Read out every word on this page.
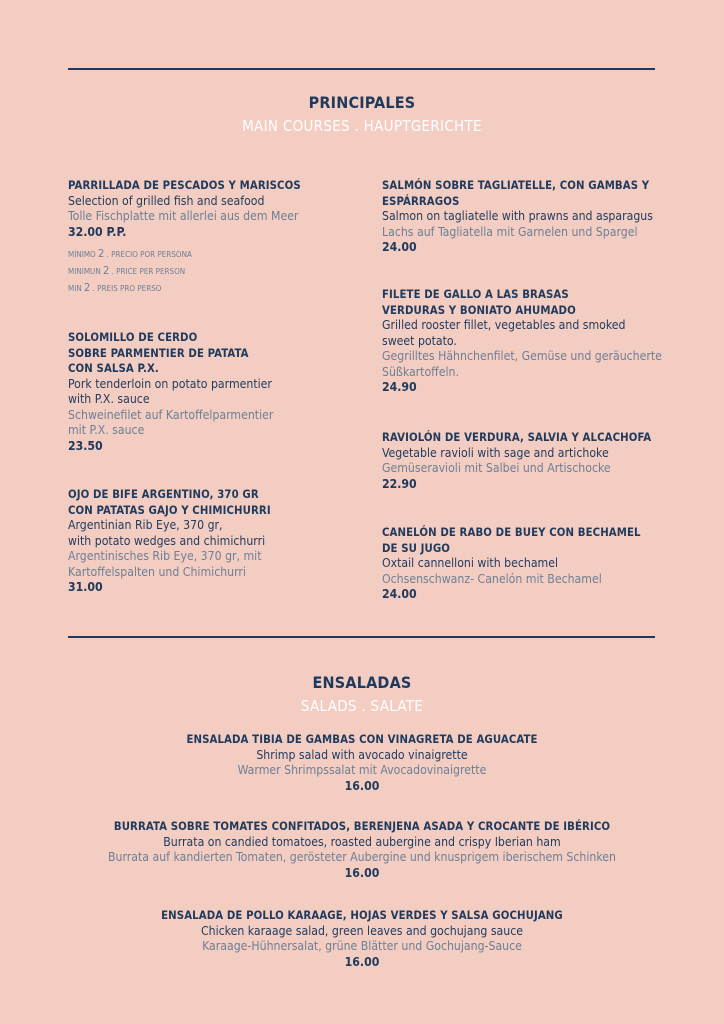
PRINCIPALES
MAIN COURSES . HAUPTGERICHTE
PARRILLADA DE PESCADOS Y MARISCOS
Selection of grilled fish and seafood
Tolle Fischplatte mit allerlei aus dem Meer
32.00 P.P.
MÍNIMO 2 . PRECIO POR PERSONA
MINIMUN 2 . PRICE PER PERSON
MIN 2 . PREIS PRO PERSO
SOLOMILLO DE CERDO
SOBRE PARMENTIER DE PATATA
CON SALSA P.X.
Pork tenderloin on potato parmentier
with P.X. sauce
Schweinefilet auf Kartoffelparmentier
mit P.X. sauce
23.50
OJO DE BIFE ARGENTINO, 370 GR
CON PATATAS GAJO Y CHIMICHURRI
Argentinian Rib Eye, 370 gr,
with potato wedges and chimichurri
Argentinisches Rib Eye, 370 gr, mit
Kartoffelspalten und Chimichurri
31.00
SALMÓN SOBRE TAGLIATELLE, CON GAMBAS Y
ESPÁRRAGOS
Salmon on tagliatelle with prawns and asparagus
Lachs auf Tagliatella mit Garnelen und Spargel
24.00
FILETE DE GALLO A LAS BRASAS
VERDURAS Y BONIATO AHUMADO
Grilled rooster fillet, vegetables and smoked
sweet potato.
Gegrilltes Hähnchenfilet, Gemüse und geräucherte
Süßkartoffeln.
24.90
RAVIOLÓN DE VERDURA, SALVIA Y ALCACHOFA
Vegetable ravioli with sage and artichoke
Gemüseravioli mit Salbei und Artischocke
22.90
CANELÓN DE RABO DE BUEY CON BECHAMEL
DE SU JUGO
Oxtail cannelloni with bechamel
Ochsenschwanz- Canelón mit Bechamel
24.00
ENSALADAS
SALADS . SALATE
ENSALADA TIBIA DE GAMBAS CON VINAGRETA DE AGUACATE
Shrimp salad with avocado vinaigrette
Warmer Shrimpssalat mit Avocadovinaigrette
16.00
BURRATA SOBRE TOMATES CONFITADOS, BERENJENA ASADA Y CROCANTE DE IBÉRICO
Burrata on candied tomatoes, roasted aubergine and crispy Iberian ham
Burrata auf kandierten Tomaten, gerösteter Aubergine und knusprigem iberischem Schinken
16.00
ENSALADA DE POLLO KARAAGE, HOJAS VERDES Y SALSA GOCHUJANG
Chicken karaage salad, green leaves and gochujang sauce
Karaage-Hühnersalat, grüne Blätter und Gochujang-Sauce
16.00
